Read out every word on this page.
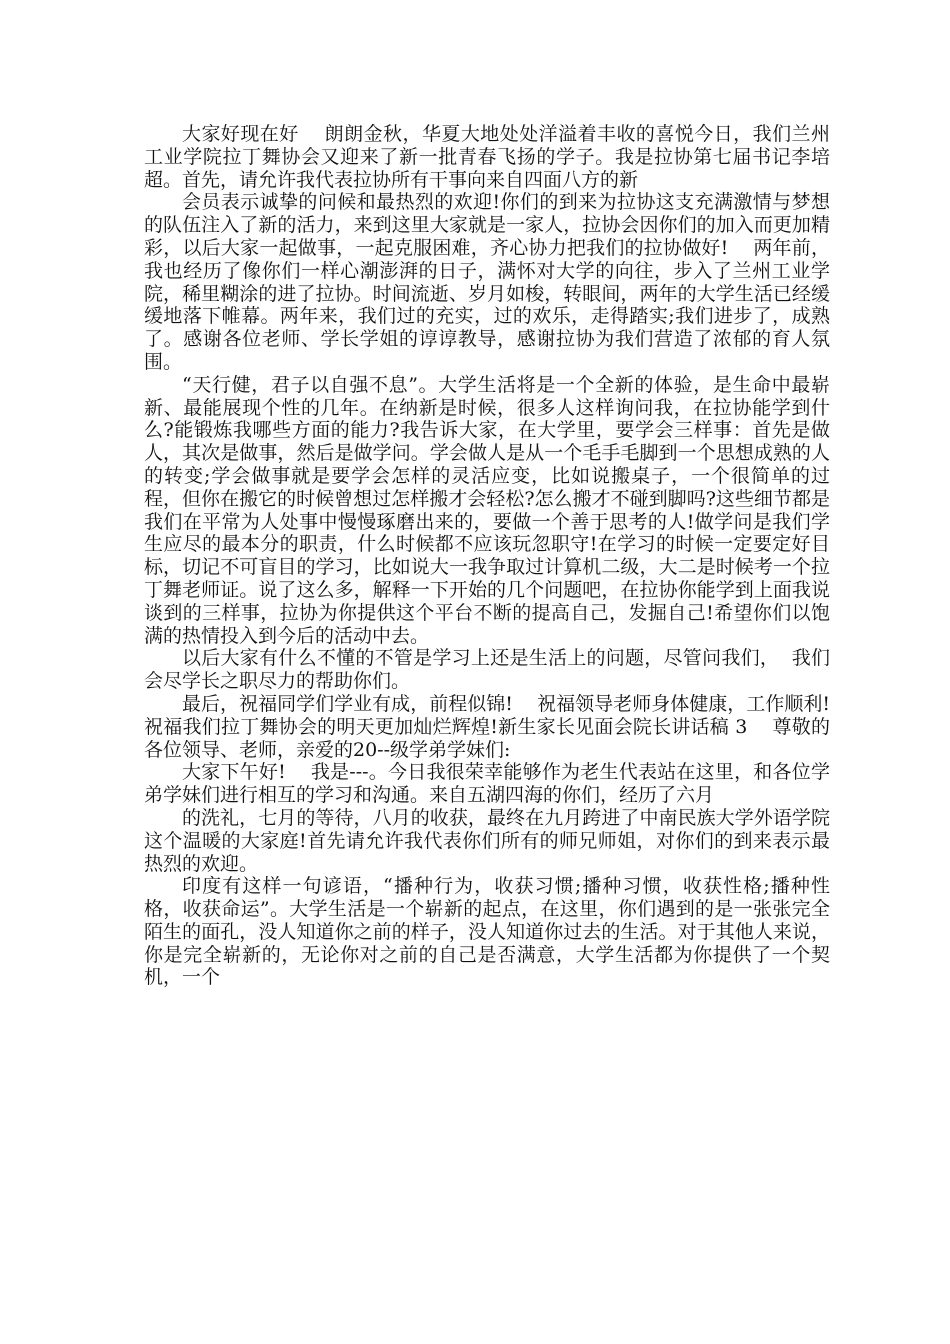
大家好现在好    朗朗金秋，华夏大地处处洋溢着丰收的喜悦今日，我们兰州工业学院拉丁舞协会又迎来了新一批青春飞扬的学子。我是拉协第七届书记李培超。首先，请允许我代表拉协所有干事向来自四面八方的新

会员表示诚挚的问候和最热烈的欢迎!你们的到来为拉协这支充满激情与梦想的队伍注入了新的活力，来到这里大家就是一家人，拉协会因你们的加入而更加精彩，以后大家一起做事，一起克服困难，齐心协力把我们的拉协做好!    两年前，我也经历了像你们一样心潮澎湃的日子，满怀对大学的向往，步入了兰州工业学院，稀里糊涂的进了拉协。时间流逝、岁月如梭，转眼间，两年的大学生活已经缓缓地落下帷幕。两年来，我们过的充实，过的欢乐，走得踏实;我们进步了，成熟了。感谢各位老师、学长学姐的谆谆教导，感谢拉协为我们营造了浓郁的育人氛围。

“天行健，君子以自强不息”。大学生活将是一个全新的体验，是生命中最崭新、最能展现个性的几年。在纳新是时候，很多人这样询问我，在拉协能学到什么?能锻炼我哪些方面的能力?我告诉大家，在大学里，要学会三样事：首先是做人，其次是做事，然后是做学问。学会做人是从一个毛手毛脚到一个思想成熟的人的转变;学会做事就是要学会怎样的灵活应变，比如说搬桌子，一个很简单的过程，但你在搬它的时候曾想过怎样搬才会轻松?怎么搬才不碰到脚吗?这些细节都是我们在平常为人处事中慢慢琢磨出来的，要做一个善于思考的人!做学问是我们学生应尽的最本分的职责，什么时候都不应该玩忽职守!在学习的时候一定要定好目标，切记不可盲目的学习，比如说大一我争取过计算机二级，大二是时候考一个拉丁舞老师证。说了这么多，解释一下开始的几个问题吧，在拉协你能学到上面我说谈到的三样事，拉协为你提供这个平台不断的提高自己，发掘自己!希望你们以饱满的热情投入到今后的活动中去。

以后大家有什么不懂的不管是学习上还是生活上的问题，尽管问我们，  我们会尽学长之职尽力的帮助你们。

最后，祝福同学们学业有成，前程似锦!    祝福领导老师身体健康，工作顺利!    祝福我们拉丁舞协会的明天更加灿烂辉煌!新生家长见面会院长讲话稿 3    尊敬的各位领导、老师，亲爱的20--级学弟学妹们:

大家下午好!    我是---。今日我很荣幸能够作为老生代表站在这里，和各位学弟学妹们进行相互的学习和沟通。来自五湖四海的你们，经历了六月

的洗礼，七月的等待，八月的收获，最终在九月跨进了中南民族大学外语学院这个温暖的大家庭!首先请允许我代表你们所有的师兄师姐，对你们的到来表示最热烈的欢迎。

印度有这样一句谚语，“播种行为，收获习惯;播种习惯，收获性格;播种性格，收获命运”。大学生活是一个崭新的起点，在这里，你们遇到的是一张张完全陌生的面孔，没人知道你之前的样子，没人知道你过去的生活。对于其他人来说，你是完全崭新的，无论你对之前的自己是否满意，大学生活都为你提供了一个契机，一个
